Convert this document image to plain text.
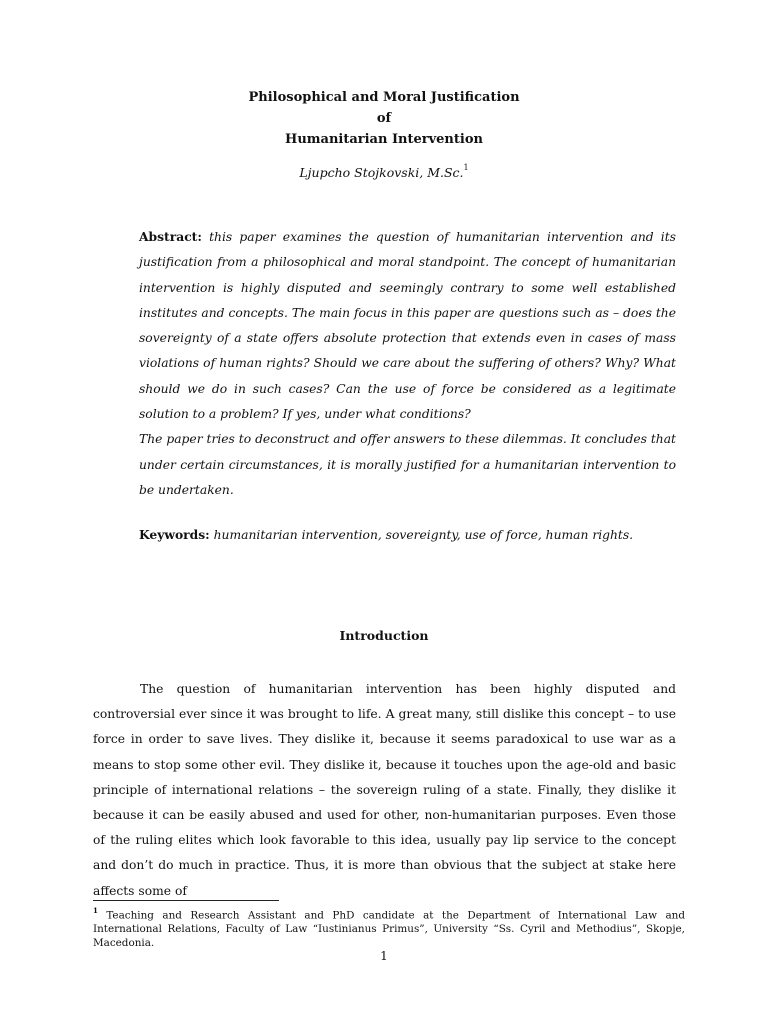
Philosophical and Moral Justification
of
Humanitarian Intervention
Ljupcho Stojkovski, M.Sc.$^1$

Abstract: this paper examines the question of humanitarian intervention and its justification from a philosophical and moral standpoint. The concept of humanitarian intervention is highly disputed and seemingly contrary to some well established institutes and concepts. The main focus in this paper are questions such as – does the sovereignty of a state offers absolute protection that extends even in cases of mass violations of human rights? Should we care about the suffering of others? Why? What should we do in such cases? Can the use of force be considered as a legitimate solution to a problem? If yes, under what conditions?

The paper tries to deconstruct and offer answers to these dilemmas. It concludes that under certain circumstances, it is morally justified for a humanitarian intervention to be undertaken.

Keywords: humanitarian intervention, sovereignty, use of force, human rights.
Introduction

The question of humanitarian intervention has been highly disputed and controversial ever since it was brought to life. A great many, still dislike this concept – to use force in order to save lives. They dislike it, because it seems paradoxical to use war as a means to stop some other evil. They dislike it, because it touches upon the age-old and basic principle of international relations – the sovereign ruling of a state. Finally, they dislike it because it can be easily abused and used for other, non-humanitarian purposes. Even those of the ruling elites which look favorable to this idea, usually pay lip service to the concept and don’t do much in practice. Thus, it is more than obvious that the subject at stake here affects some of

$^1$ Teaching and Research Assistant and PhD candidate at the Department of International Law and International Relations, Faculty of Law “Iustinianus Primus”, University “Ss. Cyril and Methodius”, Skopje, Macedonia.
1
